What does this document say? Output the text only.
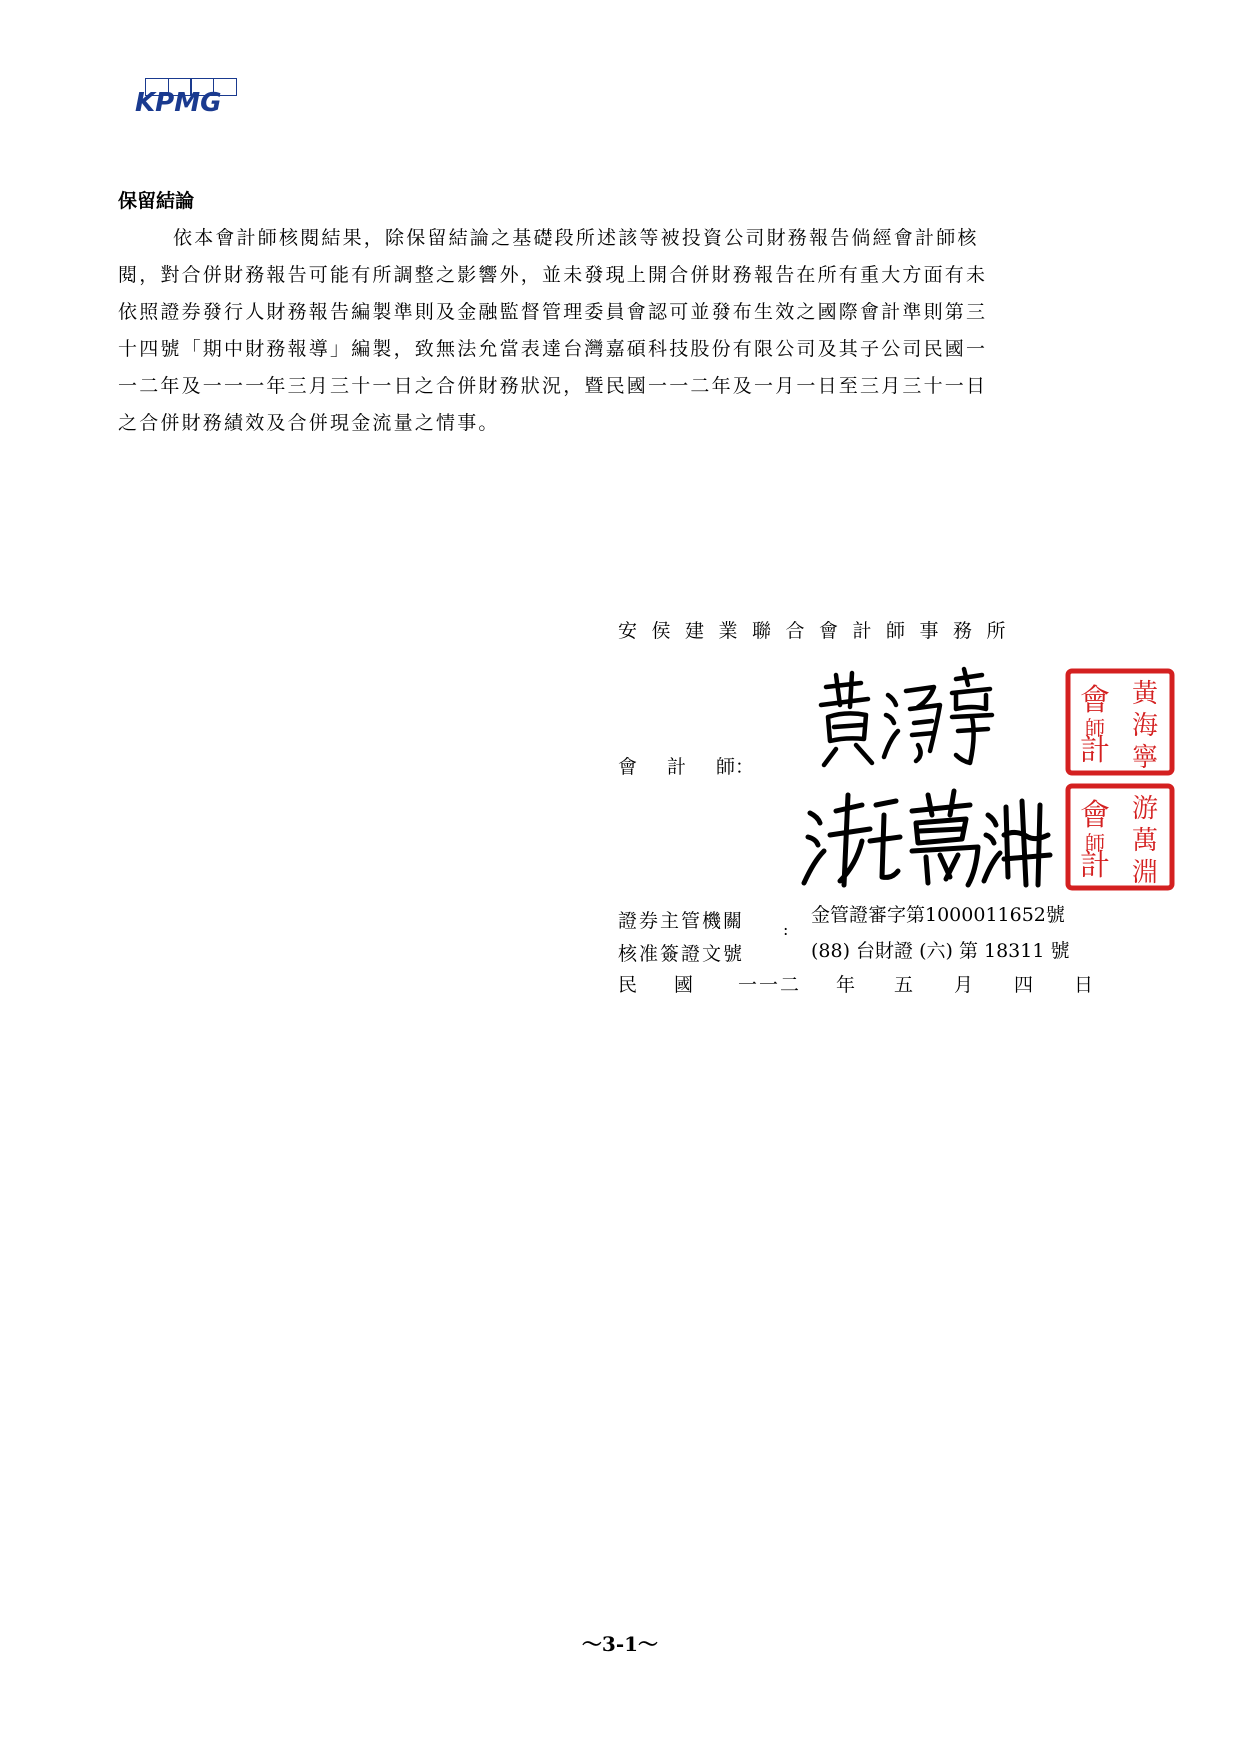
KPMG
保留結論

依本會計師核閱結果，除保留結論之基礎段所述該等被投資公司財務報告倘經會計師核
閱，對合併財務報告可能有所調整之影響外，並未發現上開合併財務報告在所有重大方面有未
依照證券發行人財務報告編製準則及金融監督管理委員會認可並發布生效之國際會計準則第三
十四號「期中財務報導」編製，致無法允當表達台灣嘉碩科技股份有限公司及其子公司民國一
一二年及一一一年三月三十一日之合併財務狀況，暨民國一一二年及一月一日至三月三十一日
之合併財務績效及合併現金流量之情事。

安侯建業聯合會計師事務所
會 計 師：
會
計
黃
海
寧
師
會
計
游
萬
淵
師
證券主管機關	:
金管證審字第1000011652號
核准簽證文號	(88) 台財證 (六) 第 18311 號
民 國 一一二 年 五 月 四 日
～3-1～
